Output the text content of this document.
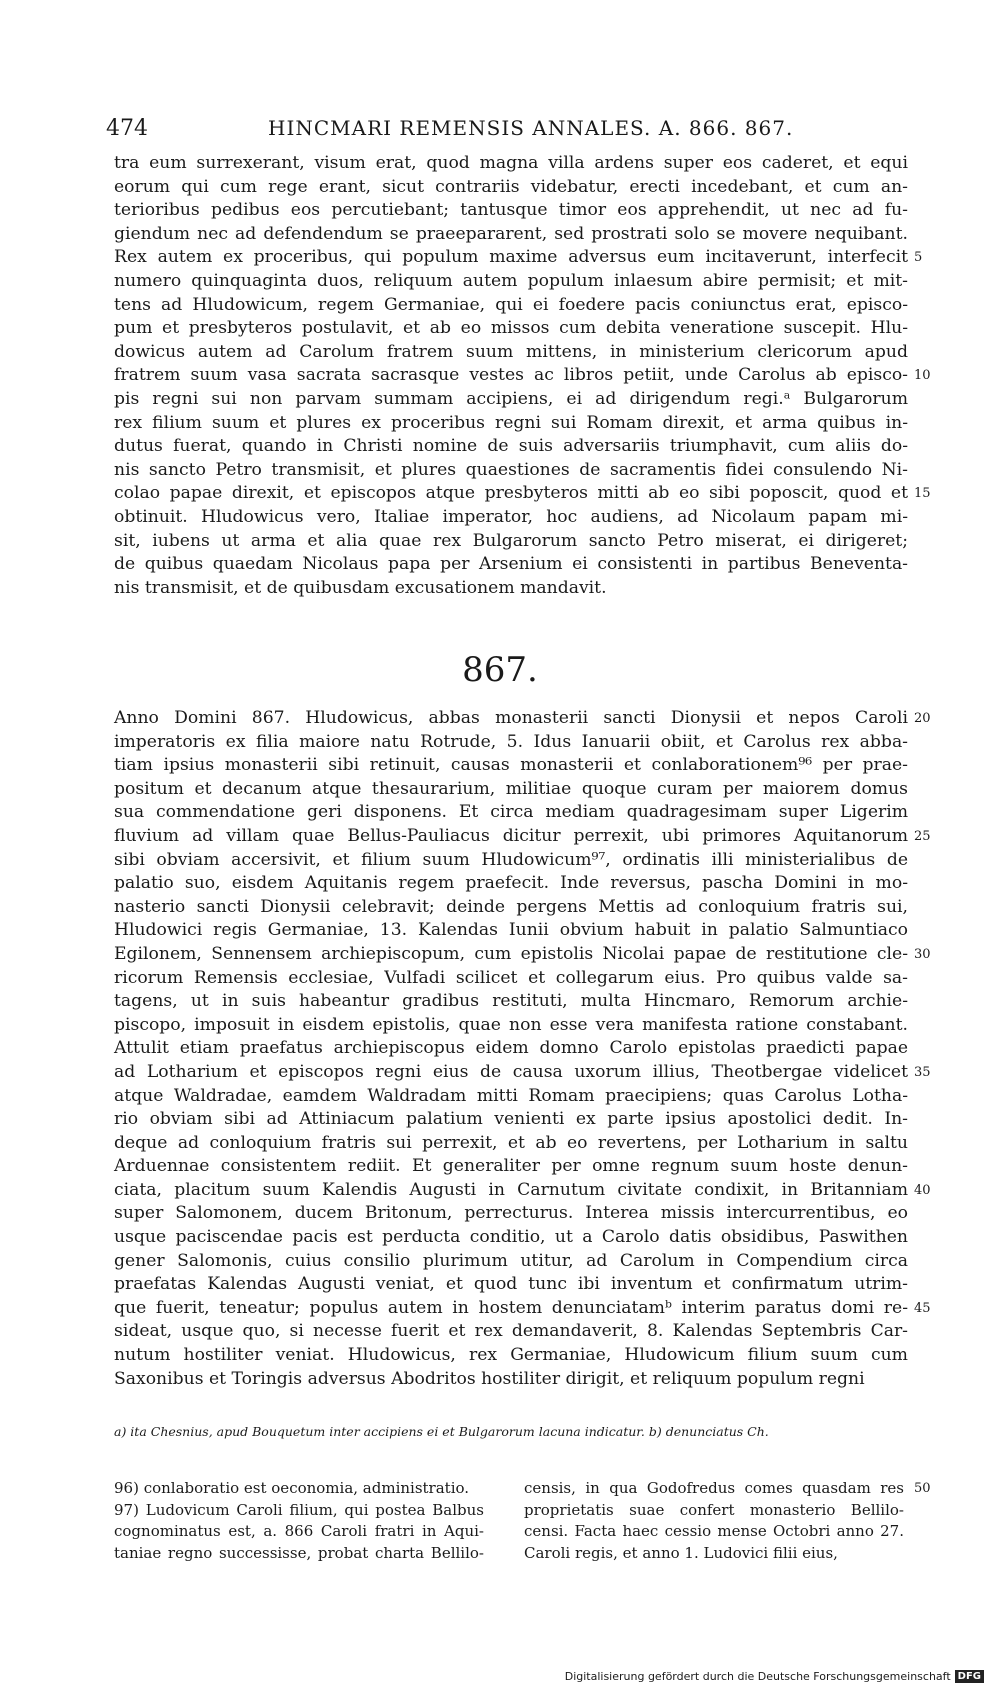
474	HINCMARI REMENSIS ANNALES. A. 866. 867.
tra eum surrexerant, visum erat, quod magna villa ardens super eos caderet, et equi
eorum qui cum rege erant, sicut contrariis videbatur, erecti incedebant, et cum an-
terioribus pedibus eos percutiebant; tantusque timor eos apprehendit, ut nec ad fu-
giendum nec ad defendendum se praeepararent, sed prostrati solo se movere nequibant.
Rex autem ex proceribus, qui populum maxime adversus eum incitaverunt, interfecit 5
numero quinquaginta duos, reliquum autem populum inlaesum abire permisit; et mit-
tens ad Hludowicum, regem Germaniae, qui ei foedere pacis coniunctus erat, episco-
pum et presbyteros postulavit, et ab eo missos cum debita veneratione suscepit. Hlu-
dowicus autem ad Carolum fratrem suum mittens, in ministerium clericorum apud
fratrem suum vasa sacrata sacrasque vestes ac libros petiit, unde Carolus ab episco- 10
pis regni sui non parvam summam accipiens, ei ad dirigendum regi.ᵃ Bulgarorum
rex filium suum et plures ex proceribus regni sui Romam direxit, et arma quibus in-
dutus fuerat, quando in Christi nomine de suis adversariis triumphavit, cum aliis do-
nis sancto Petro transmisit, et plures quaestiones de sacramentis fidei consulendo Ni-
colao papae direxit, et episcopos atque presbyteros mitti ab eo sibi poposcit, quod et 15
obtinuit. Hludowicus vero, Italiae imperator, hoc audiens, ad Nicolaum papam mi-
sit, iubens ut arma et alia quae rex Bulgarorum sancto Petro miserat, ei dirigeret;
de quibus quaedam Nicolaus papa per Arsenium ei consistenti in partibus Beneventa-
nis transmisit, et de quibusdam excusationem mandavit.
867.
Anno Domini 867. Hludowicus, abbas monasterii sancti Dionysii et nepos Caroli 20
imperatoris ex filia maiore natu Rotrude, 5. Idus Ianuarii obiit, et Carolus rex abba-
tiam ipsius monasterii sibi retinuit, causas monasterii et conlaborationem⁹⁶ per prae-
positum et decanum atque thesaurarium, militiae quoque curam per maiorem domus
sua commendatione geri disponens. Et circa mediam quadragesimam super Ligerim
fluvium ad villam quae Bellus-Pauliacus dicitur perrexit, ubi primores Aquitanorum 25
sibi obviam accersivit, et filium suum Hludowicum⁹⁷, ordinatis illi ministerialibus de
palatio suo, eisdem Aquitanis regem praefecit. Inde reversus, pascha Domini in mo-
nasterio sancti Dionysii celebravit; deinde pergens Mettis ad conloquium fratris sui,
Hludowici regis Germaniae, 13. Kalendas Iunii obvium habuit in palatio Salmuntiaco
Egilonem, Sennensem archiepiscopum, cum epistolis Nicolai papae de restitutione cle- 30
ricorum Remensis ecclesiae, Vulfadi scilicet et collegarum eius. Pro quibus valde sa-
tagens, ut in suis habeantur gradibus restituti, multa Hincmaro, Remorum archie-
piscopo, imposuit in eisdem epistolis, quae non esse vera manifesta ratione constabant.
Attulit etiam praefatus archiepiscopus eidem domno Carolo epistolas praedicti papae
ad Lotharium et episcopos regni eius de causa uxorum illius, Theotbergae videlicet 35
atque Waldradae, eamdem Waldradam mitti Romam praecipiens; quas Carolus Lotha-
rio obviam sibi ad Attiniacum palatium venienti ex parte ipsius apostolici dedit. In-
deque ad conloquium fratris sui perrexit, et ab eo revertens, per Lotharium in saltu
Arduennae consistentem rediit. Et generaliter per omne regnum suum hoste denun-
ciata, placitum suum Kalendis Augusti in Carnutum civitate condixit, in Britanniam 40
super Salomonem, ducem Britonum, perrecturus. Interea missis intercurrentibus, eo
usque paciscendae pacis est perducta conditio, ut a Carolo datis obsidibus, Paswithen
gener Salomonis, cuius consilio plurimum utitur, ad Carolum in Compendium circa
praefatas Kalendas Augusti veniat, et quod tunc ibi inventum et confirmatum utrim-
que fuerit, teneatur; populus autem in hostem denunciatamᵇ interim paratus domi re- 45
sideat, usque quo, si necesse fuerit et rex demandaverit, 8. Kalendas Septembris Car-
nutum hostiliter veniat. Hludowicus, rex Germaniae, Hludowicum filium suum cum
Saxonibus et Toringis adversus Abodritos hostiliter dirigit, et reliquum populum regni
a) ita Chesnius, apud Bouquetum inter accipiens ei et Bulgarorum lacuna indicatur. b) denunciatus Ch.
96) conlaboratio est oeconomia, administratio.
97) Ludovicum Caroli filium, qui postea Balbus
cognominatus est, a. 866 Caroli fratri in Aqui-
taniae regno successisse, probat charta Bellilo-
censis, in qua Godofredus comes quasdam res 50
proprietatis suae confert monasterio Bellilo-
censi. Facta haec cessio mense Octobri anno 27.
Caroli regis, et anno 1. Ludovici filii eius,
Digitalisierung gefördert durch die Deutsche Forschungsgemeinschaft DFG
